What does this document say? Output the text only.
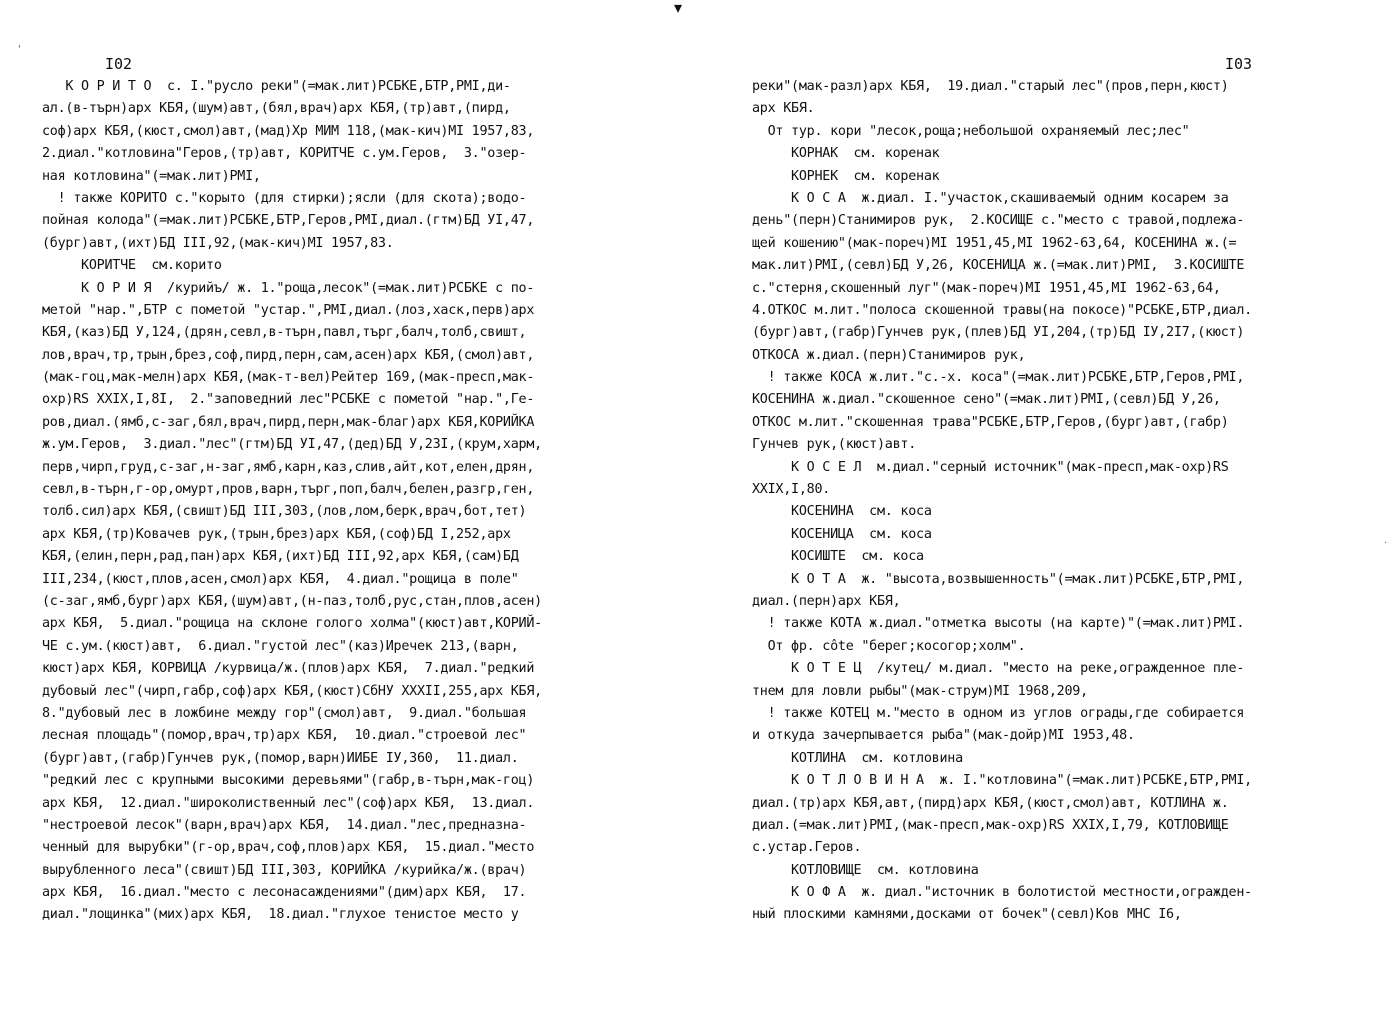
▾
'
·

I02

К О Р И Т О  с. I."русло реки"(=мак.лит)РСБКЕ,БТР,PMI,ди-
ал.(в-търн)арх КБЯ,(шум)авт,(бял,врач)арх КБЯ,(тр)авт,(пирд,
соф)арх КБЯ,(кюст,смол)авт,(мад)Хр МИМ 118,(мак-кич)MI 1957,83,
2.диал."котловина"Геров,(тр)авт, КОРИТЧЕ с.ум.Геров,  3."озер-
ная котловина"(=мак.лит)PMI,
! также КОРИТО с."корыто (для стирки);ясли (для скота);водо-
пойная колода"(=мак.лит)РСБКЕ,БТР,Геров,PMI,диал.(гтм)БД УI,47,
(бург)авт,(ихт)БД III,92,(мак-кич)MI 1957,83.
КОРИТЧЕ  см.корито
К О Р И Я  /курийъ/ ж. 1."роща,лесок"(=мак.лит)РСБКЕ с по-
метой "нар.",БТР с пометой "устар.",PMI,диал.(лоз,хаск,перв)арх
КБЯ,(каз)БД У,124,(дрян,севл,в-търн,павл,търг,балч,толб,свишт,
лов,врач,тр,трын,брез,соф,пирд,перн,сам,асен)арх КБЯ,(смол)авт,
(мак-гоц,мак-мелн)арх КБЯ,(мак-т-вел)Рейтер 169,(мак-пресп,мак-
охр)RS XXIX,I,8I,  2."заповедний лес"РСБКЕ с пометой "нар.",Ге-
ров,диал.(ямб,с-заг,бял,врач,пирд,перн,мак-благ)арх КБЯ,КОРИЙКА
ж.ум.Геров,  3.диал."лес"(гтм)БД УI,47,(дед)БД У,23I,(крум,харм,
перв,чирп,груд,с-заг,н-заг,ямб,карн,каз,слив,айт,кот,елен,дрян,
севл,в-търн,г-ор,омурт,пров,варн,търг,поп,балч,белен,разгр,ген,
толб.сил)арх КБЯ,(свишт)БД III,303,(лов,лом,берк,врач,бот,тет)
арх КБЯ,(тр)Ковачев рук,(трын,брез)арх КБЯ,(соф)БД I,252,арх
КБЯ,(елин,перн,рад,пан)арх КБЯ,(ихт)БД III,92,арх КБЯ,(сам)БД
III,234,(кюст,плов,асен,смол)арх КБЯ,  4.диал."рощица в поле"
(с-заг,ямб,бург)арх КБЯ,(шум)авт,(н-паз,толб,рус,стан,плов,асен)
арх КБЯ,  5.диал."рощица на склоне голого холма"(кюст)авт,КОРИЙ-
ЧЕ с.ум.(кюст)авт,  6.диал."густой лес"(каз)Иречек 213,(варн,
кюст)арх КБЯ, КОРВИЦА /курвица/ж.(плов)арх КБЯ,  7.диал."редкий
дубовый лес"(чирп,габр,соф)арх КБЯ,(кюст)СбНУ XXXII,255,арх КБЯ,
8."дубовый лес в ложбине между гор"(смол)авт,  9.диал."большая
лесная площадь"(помор,врач,тр)арх КБЯ,  10.диал."строевой лес"
(бург)авт,(габр)Гунчев рук,(помор,варн)ИИБЕ IУ,360,  11.диал.
"редкий лес с крупными высокими деревьями"(габр,в-търн,мак-гоц)
арх КБЯ,  12.диал."широколиственный лес"(соф)арх КБЯ,  13.диал.
"нестроевой лесок"(варн,врач)арх КБЯ,  14.диал."лес,предназна-
ченный для вырубки"(г-ор,врач,соф,плов)арх КБЯ,  15.диал."место
вырубленного леса"(свишт)БД III,303, КОРИЙКА /курийка/ж.(врач)
арх КБЯ,  16.диал."место с лесонасаждениями"(дим)арх КБЯ,  17.
диал."лощинка"(мих)арх КБЯ,  18.диал."глухое тенистое место у

I03

реки"(мак-разл)арх КБЯ,  19.диал."старый лес"(пров,перн,кюст)
арх КБЯ.
От тур. кори "лесок,роща;небольшой охраняемый лес;лес"
КОРНАК  см. коренак
КОРНЕК  см. коренак
К О С А  ж.диал. I."участок,скашиваемый одним косарем за
день"(перн)Станимиров рук,  2.КОСИЩЕ с."место с травой,подлежа-
щей кошению"(мак-пореч)MI 1951,45,MI 1962-63,64, КОСЕНИНА ж.(=
мак.лит)PMI,(севл)БД У,26, КОСЕНИЦА ж.(=мак.лит)PMI,  3.КОСИШТЕ
с."стерня,скошенный луг"(мак-пореч)MI 1951,45,MI 1962-63,64,
4.ОТКОС м.лит."полоса скошенной травы(на покосе)"РСБКЕ,БТР,диал.
(бург)авт,(габр)Гунчев рук,(плев)БД УI,204,(тр)БД IУ,2I7,(кюст)
ОТКОСА ж.диал.(перн)Станимиров рук,
! также КОСА ж.лит."с.-х. коса"(=мак.лит)РСБКЕ,БТР,Геров,PMI,
КОСЕНИНА ж.диал."скошенное сено"(=мак.лит)PMI,(севл)БД У,26,
ОТКОС м.лит."скошенная трава"РСБКЕ,БТР,Геров,(бург)авт,(габр)
Гунчев рук,(кюст)авт.
К О С Е Л  м.диал."серный источник"(мак-пресп,мак-охр)RS
XXIX,I,80.
КОСЕНИНА  см. коса
КОСЕНИЦА  см. коса
КОСИШТЕ  см. коса
К О Т А  ж. "высота,возвышенность"(=мак.лит)РСБКЕ,БТР,PMI,
диал.(перн)арх КБЯ,
! также КОТА ж.диал."отметка высоты (на карте)"(=мак.лит)PMI.
От фр. côte "берег;косогор;холм".
К О Т Е Ц  /кутец/ м.диал. "место на реке,огражденное пле-
тнем для ловли рыбы"(мак-струм)MI 1968,209,
! также КОТЕЦ м."место в одном из углов ограды,где собирается
и откуда зачерпывается рыба"(мак-дойр)MI 1953,48.
КОТЛИНА  см. котловина
К О Т Л О В И Н А  ж. I."котловина"(=мак.лит)РСБКЕ,БТР,PMI,
диал.(тр)арх КБЯ,авт,(пирд)арх КБЯ,(кюст,смол)авт, КОТЛИНА ж.
диал.(=мак.лит)PMI,(мак-пресп,мак-охр)RS XXIX,I,79, КОТЛОВИЩЕ
с.устар.Геров.
КОТЛОВИЩЕ  см. котловина
К О Ф А  ж. диал."источник в болотистой местности,огражден-
ный плоскими камнями,досками от бочек"(севл)Ков МНС I6,
